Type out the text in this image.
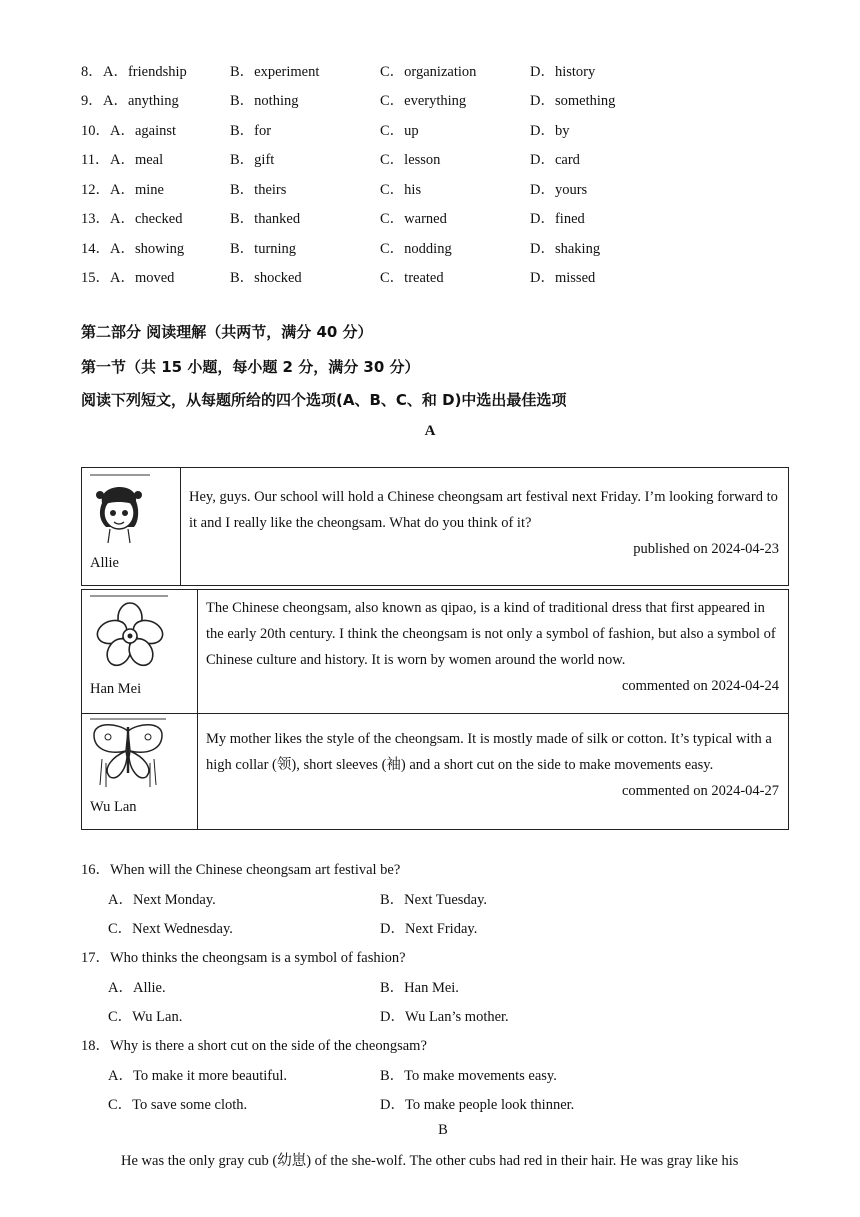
8． A．friendship	B．experiment	C．organization	D．history
9． A．anything	B．nothing	C．everything	D．something
10． A．against	B．for	C．up	D．by
11． A．meal	B．gift	C．lesson	D．card
12． A．mine	B．theirs	C．his	D．yours
13． A．checked	B．thanked	C．warned	D．fined
14． A．showing	B．turning	C．nodding	D．shaking
15． A．moved	B．shocked	C．treated	D．missed
第二部分 阅读理解（共两节，满分 40 分）
第一节（共 15 小题，每小题 2 分，满分 30 分）
阅读下列短文，从每题所给的四个选项(A、B、C、和 D)中选出最佳选项
A
Allie
Hey, guys. Our school will hold a Chinese cheongsam art festival next Friday. I’m looking forward to it and I really like the cheongsam. What do you think of it?
published on 2024-04-23
Han Mei
The Chinese cheongsam, also known as qipao, is a kind of traditional dress that first appeared in the early 20th century. I think the cheongsam is not only a symbol of fashion, but also a symbol of Chinese culture and history. It is worn by women around the world now.
commented on 2024-04-24
Wu Lan
My mother likes the style of the cheongsam. It is mostly made of silk or cotton. It’s typical with a high collar (领), short sleeves (袖) and a short cut on the side to make movements easy.
commented on 2024-04-27
16．When will the Chinese cheongsam art festival be?
A．Next Monday.	B．Next Tuesday.
C．Next Wednesday.	D．Next Friday.
17．Who thinks the cheongsam is a symbol of fashion?
A．Allie.	B．Han Mei.
C．Wu Lan.	D．Wu Lan’s mother.
18．Why is there a short cut on the side of the cheongsam?
A．To make it more beautiful.	B．To make movements easy.
C．To save some cloth.	D．To make people look thinner.
B
He was the only gray cub (幼崽) of the she-wolf. The other cubs had red in their hair. He was gray like his
